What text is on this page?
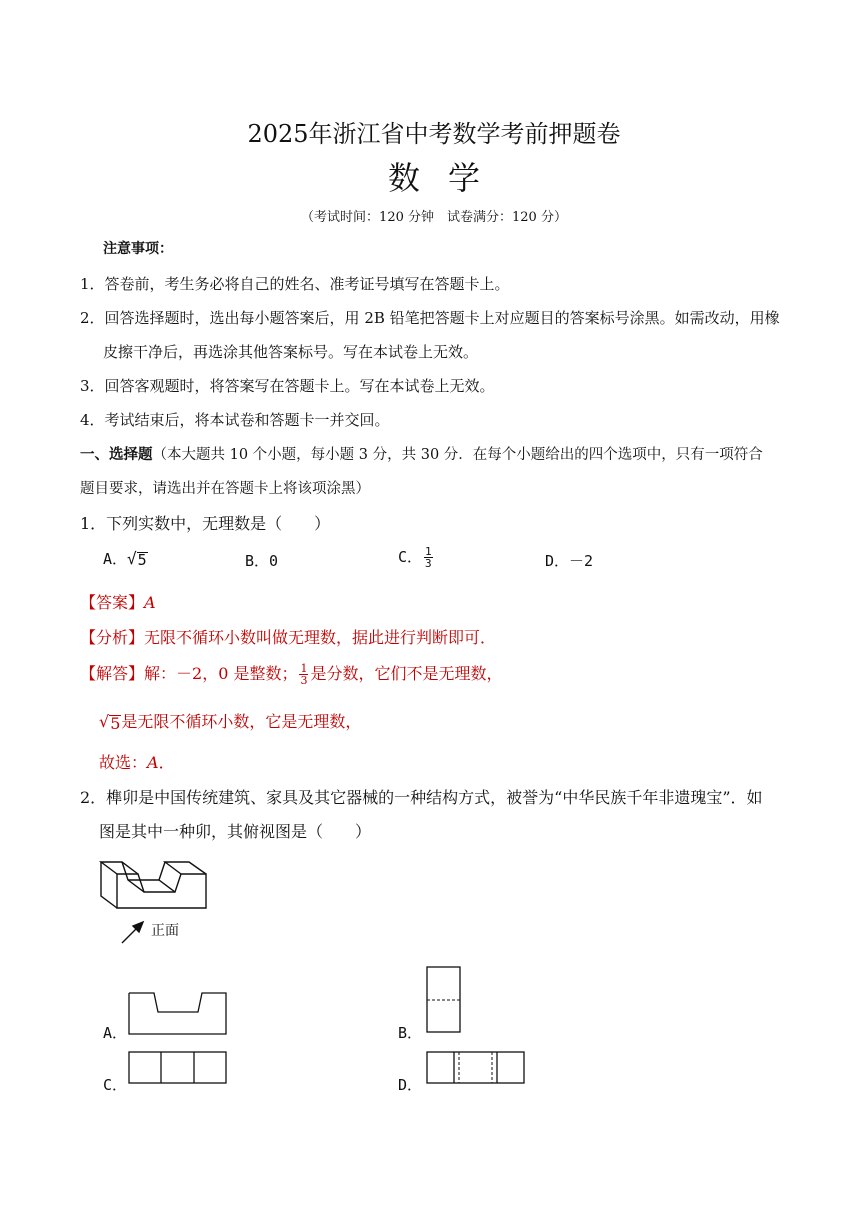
2025年浙江省中考数学考前押题卷
数学
（考试时间：120 分钟　试卷满分：120 分）
注意事项：
1．答卷前，考生务必将自己的姓名、准考证号填写在答题卡上。
2．回答选择题时，选出每小题答案后，用 2B 铅笔把答题卡上对应题目的答案标号涂黑。如需改动，用橡
皮擦干净后，再选涂其他答案标号。写在本试卷上无效。
3．回答客观题时，将答案写在答题卡上。写在本试卷上无效。
4．考试结束后，将本试卷和答题卡一并交回。
一、选择题（本大题共 10 个小题，每小题 3 分，共 30 分．在每个小题给出的四个选项中，只有一项符合
题目要求，请选出并在答题卡上将该项涂黑）
1．下列实数中，无理数是（　　）
A． √ 5	B．0	C． $\frac{1}{3}$	D．－2
【答案】A
【分析】无限不循环小数叫做无理数，据此进行判断即可．
【解答】解：－2，0 是整数； $\frac{1}{3}$ 是分数，它们不是无理数，
√ 5 是无限不循环小数，它是无理数，
故选：A．
2．榫卯是中国传统建筑、家具及其它器械的一种结构方式，被誉为“中华民族千年非遗瑰宝”．如
图是其中一种卯，其俯视图是（　　）
正面
A．	B．
C．	D．
